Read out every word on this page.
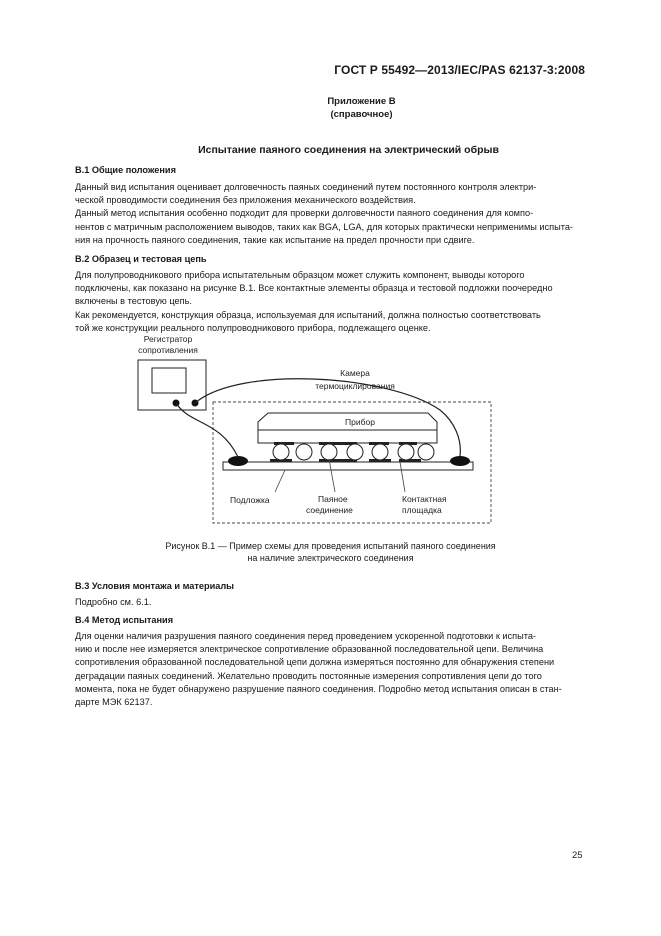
ГОСТ Р 55492—2013/IEC/PAS 62137-3:2008
Приложение В
(справочное)
Испытание паяного соединения на электрический обрыв
В.1 Общие положения
Данный вид испытания оценивает долговечность паяных соединений путем постоянного контроля электри-
ческой проводимости соединения без приложения механического воздействия.
Данный метод испытания особенно подходит для проверки долговечности паяного соединения для компо-
нентов с матричным расположением выводов, таких как BGA, LGA, для которых практически неприменимы испыта-
ния на прочность паяного соединения, такие как испытание на предел прочности при сдвиге.
В.2 Образец и тестовая цепь
Для полупроводникового прибора испытательным образцом может служить компонент, выводы которого
подключены, как показано на рисунке В.1. Все контактные элементы образца и тестовой подложки поочередно
включены в тестовую цепь.
Как рекомендуется, конструкция образца, используемая для испытаний, должна полностью соответствовать
той же конструкции реального полупроводникового прибора, подлежащего оценке.
Регистратор
сопротивления
Камера
термоциклирования
Прибор
Подложка	Паяное
соединение
Контактная
площадка
Рисунок В.1 — Пример схемы для проведения испытаний паяного соединения
на наличие электрического соединения
В.3 Условия монтажа и материалы
Подробно см. 6.1.
В.4 Метод испытания
Для оценки наличия разрушения паяного соединения перед проведением ускоренной подготовки к испыта-
нию и после нее измеряется электрическое сопротивление образованной последовательной цепи. Величина
сопротивления образованной последовательной цепи должна измеряться постоянно для обнаружения степени
деградации паяных соединений. Желательно проводить постоянные измерения сопротивления цепи до того
момента, пока не будет обнаружено разрушение паяного соединения. Подробно метод испытания описан в стан-
дарте МЭК 62137.
25
